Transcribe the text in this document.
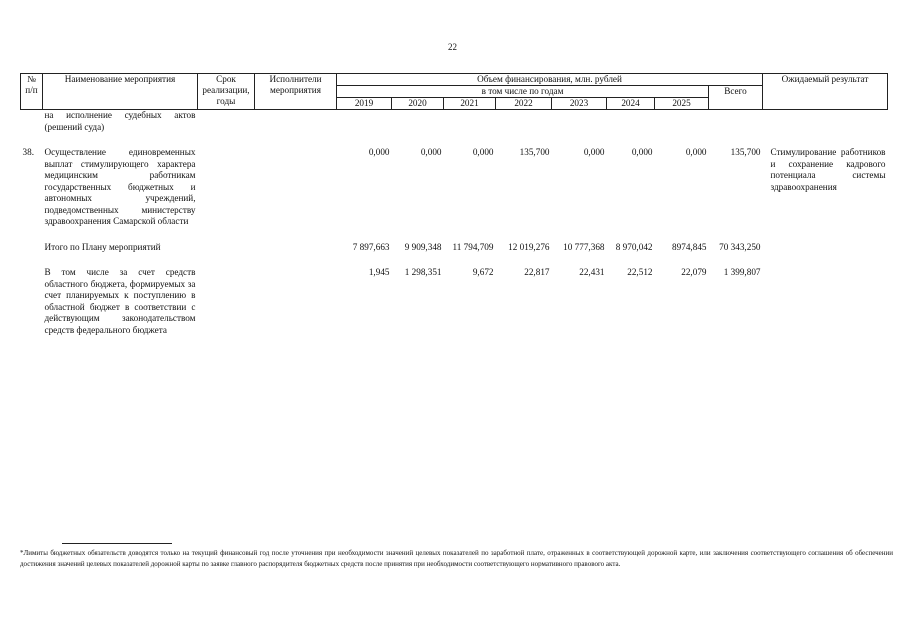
22
№ п/п	Наименование мероприятия	Срок реализации, годы	Исполнители мероприятия	Объем финансирования, млн. рублей								Ожидаемый результат
				в том числе по годам							Всего	
				2019	2020	2021	2022	2023	2024	2025		
	на исполнение судебных актов (решений суда)											
38.	Осуществление единовременных выплат стимулирующего характера медицинским работникам государственных бюджетных и автономных учреждений, подведомственных министерству здравоохранения Самарской области			0,000	0,000	0,000	135,700	0,000	0,000	0,000	135,700	Стимулирование работников и сохранение кадрового потенциала системы здравоохранения
	Итого по Плану мероприятий			7 897,663	9 909,348	11 794,709	12 019,276	10 777,368	8 970,042	8974,845	70 343,250	
	В том числе за счет средств областного бюджета, формируемых за счет планируемых к поступлению в областной бюджет в соответствии с действующим законодательством средств федерального бюджета			1,945	1 298,351	9,672	22,817	22,431	22,512	22,079	1 399,807	
*Лимиты бюджетных обязательств доводятся только на текущий финансовый год после уточнения при необходимости значений целевых показателей по заработной плате, отраженных в соответствующей дорожной карте, или заключения соответствующего соглашения об обеспечении достижения значений целевых показателей дорожной карты по заявке главного распорядителя бюджетных средств после принятия при необходимости соответствующего нормативного правового акта.
